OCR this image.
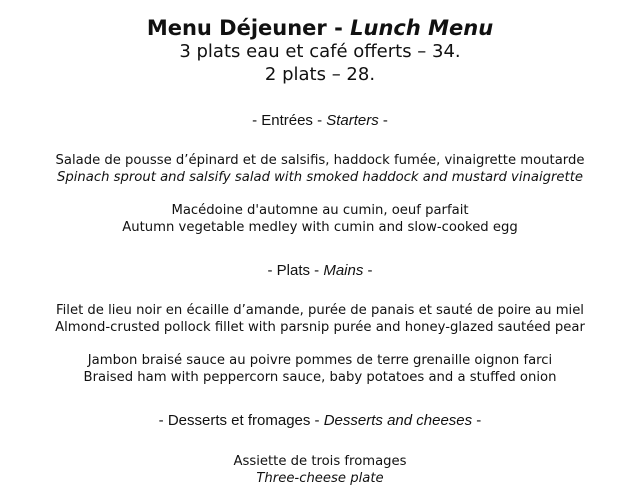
Menu Déjeuner - Lunch Menu
3 plats eau et café offerts – 34.
2 plats – 28.
- Entrées - Starters -
Salade de pousse d’épinard et de salsifis, haddock fumée, vinaigrette moutarde
Spinach sprout and salsify salad with smoked haddock and mustard vinaigrette
Macédoine d'automne au cumin, oeuf parfait
Autumn vegetable medley with cumin and slow-cooked egg
- Plats - Mains -
Filet de lieu noir en écaille d’amande, purée de panais et sauté de poire au miel
Almond-crusted pollock fillet with parsnip purée and honey-glazed sautéed pear
Jambon braisé sauce au poivre pommes de terre grenaille oignon farci
Braised ham with peppercorn sauce, baby potatoes and a stuffed onion
- Desserts et fromages - Desserts and cheeses -
Assiette de trois fromages
Three-cheese plate
